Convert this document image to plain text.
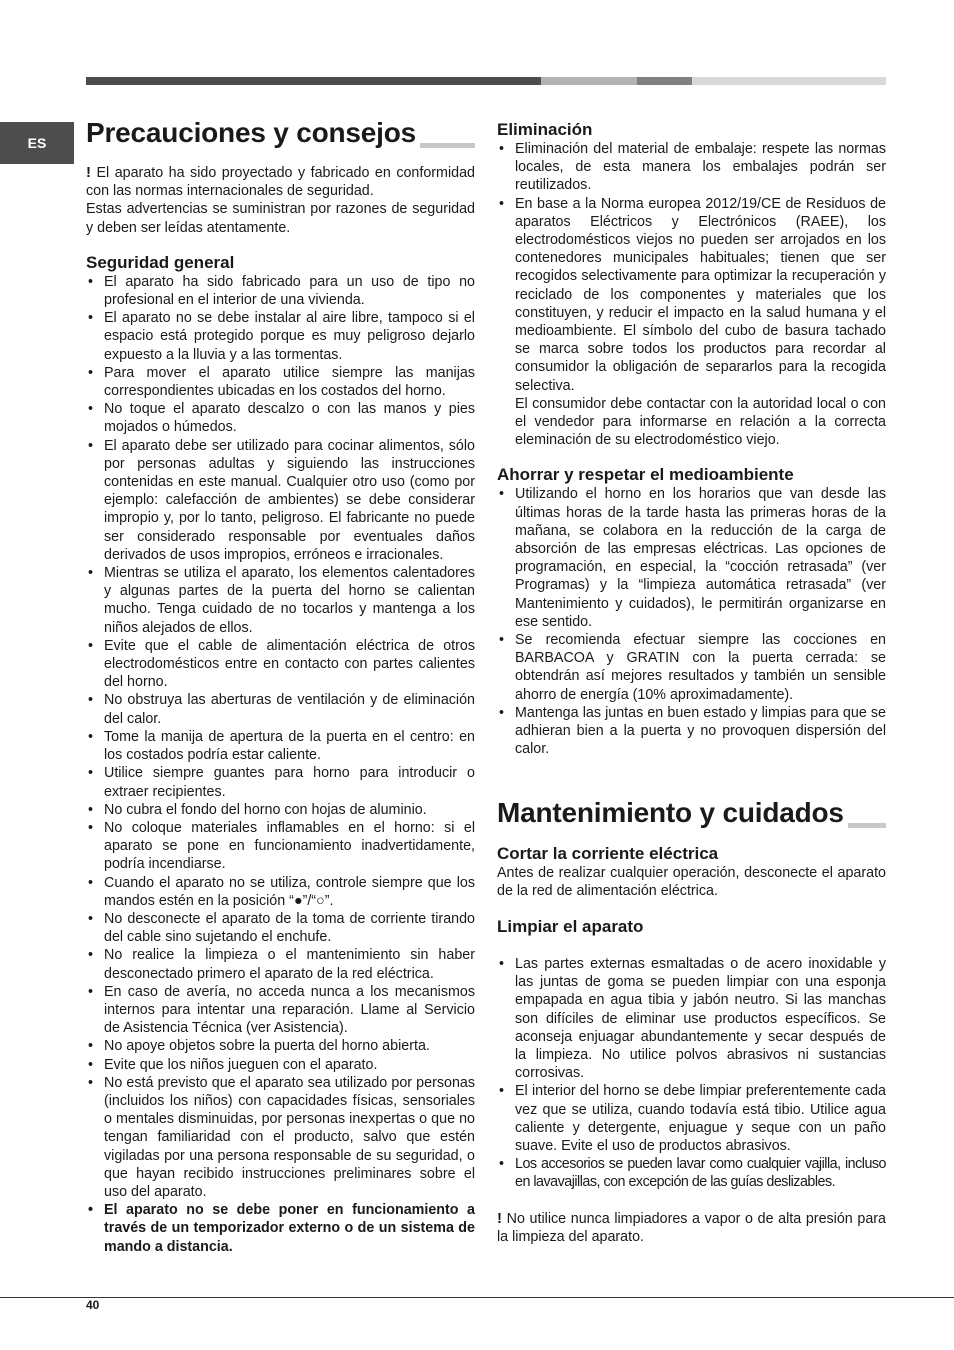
ES	Precauciones y consejos

! El aparato ha sido proyectado y fabricado en conformidad con las normas internacionales de seguridad.

Estas advertencias se suministran por razones de seguridad y deben ser leídas atentamente.

Seguridad general
• El aparato ha sido fabricado para un uso de tipo no profesional en el interior de una vivienda.
• El aparato no se debe instalar al aire libre, tampoco si el espacio está protegido porque es muy peligroso dejarlo expuesto a la lluvia y a las tormentas.
• Para mover el aparato utilice siempre las manijas correspondientes ubicadas en los costados del horno.
• No toque el aparato descalzo o con las manos y pies mojados o húmedos.
• El aparato debe ser utilizado para cocinar alimentos, sólo por personas adultas y siguiendo las instrucciones contenidas en este manual. Cualquier otro uso (como por ejemplo: calefacción de ambientes) se debe considerar impropio y, por lo tanto, peligroso. El fabricante no puede ser considerado responsable por eventuales daños derivados de usos impropios, erróneos e irracionales.
• Mientras se utiliza el aparato, los elementos calentadores y algunas partes de la puerta del horno se calientan mucho. Tenga cuidado de no tocarlos y mantenga a los niños alejados de ellos.
• Evite que el cable de alimentación eléctrica de otros electrodomésticos entre en contacto con partes calientes del horno.
• No obstruya las aberturas de ventilación y de eliminación del calor.
• Tome la manija de apertura de la puerta en el centro: en los costados podría estar caliente.
• Utilice siempre guantes para horno para introducir o extraer recipientes.
• No cubra el fondo del horno con hojas de aluminio.
• No coloque materiales inflamables en el horno: si el aparato se pone en funcionamiento inadvertidamente, podría incendiarse.
• Cuando el aparato no se utiliza, controle siempre que los mandos estén en la posición “●”/“○”.
• No desconecte el aparato de la toma de corriente tirando del cable sino sujetando el enchufe.
• No realice la limpieza o el mantenimiento sin haber desconectado primero el aparato de la red eléctrica.
• En caso de avería, no acceda nunca a los mecanismos internos para intentar una reparación. Llame al Servicio de Asistencia Técnica (ver Asistencia).
• No apoye objetos sobre la puerta del horno abierta.
• Evite que los niños jueguen con el aparato.
• No está previsto que el aparato sea utilizado por personas (incluidos los niños) con capacidades físicas, sensoriales o mentales disminuidas, por personas inexpertas o que no tengan familiaridad con el producto, salvo que estén vigiladas por una persona responsable de su seguridad, o que hayan recibido instrucciones preliminares sobre el uso del aparato.
• El aparato no se debe poner en funcionamiento a través de un temporizador externo o de un sistema de mando a distancia.
Eliminación
• Eliminación del material de embalaje: respete las normas locales, de esta manera los embalajes podrán ser reutilizados.
• En base a la Norma europea 2012/19/CE de Residuos de aparatos Eléctricos y Electrónicos (RAEE), los electrodomésticos viejos no pueden ser arrojados en los contenedores municipales habituales; tienen que ser recogidos selectivamente para optimizar la recuperación y reciclado de los componentes y materiales que los constituyen, y reducir el impacto en la salud humana y el medioambiente. El símbolo del cubo de basura tachado se marca sobre todos los productos para recordar al consumidor la obligación de separarlos para la recogida selectiva.

El consumidor debe contactar con la autoridad local o con el vendedor para informarse en relación a la correcta eleminación de su electrodoméstico viejo.

Ahorrar y respetar el medioambiente
• Utilizando el horno en los horarios que van desde las últimas horas de la tarde hasta las primeras horas de la mañana, se colabora en la reducción de la carga de absorción de las empresas eléctricas. Las opciones de programación, en especial, la “cocción retrasada” (ver Programas) y la “limpieza automática retrasada” (ver Mantenimiento y cuidados), le permitirán organizarse en ese sentido.
• Se recomienda efectuar siempre las cocciones en BARBACOA y GRATIN con la puerta cerrada: se obtendrán así mejores resultados y también un sensible ahorro de energía (10% aproximadamente).
• Mantenga las juntas en buen estado y limpias para que se adhieran bien a la puerta y no provoquen dispersión del calor.
Mantenimiento y cuidados
Cortar la corriente eléctrica

Antes de realizar cualquier operación, desconecte el aparato de la red de alimentación eléctrica.

Limpiar el aparato
• Las partes externas esmaltadas o de acero inoxidable y las juntas de goma se pueden limpiar con una esponja empapada en agua tibia y jabón neutro. Si las manchas son difíciles de eliminar use productos específicos. Se aconseja enjuagar abundantemente y secar después de la limpieza. No utilice polvos abrasivos ni sustancias corrosivas.
• El interior del horno se debe limpiar preferentemente cada vez que se utiliza, cuando todavía está tibio. Utilice agua caliente y detergente, enjuague y seque con un paño suave. Evite el uso de productos abrasivos.
• Los accesorios se pueden lavar como cualquier vajilla, incluso en lavavajillas, con excepción de las guías deslizables.

! No utilice nunca limpiadores a vapor o de alta presión para la limpieza del aparato.

40
